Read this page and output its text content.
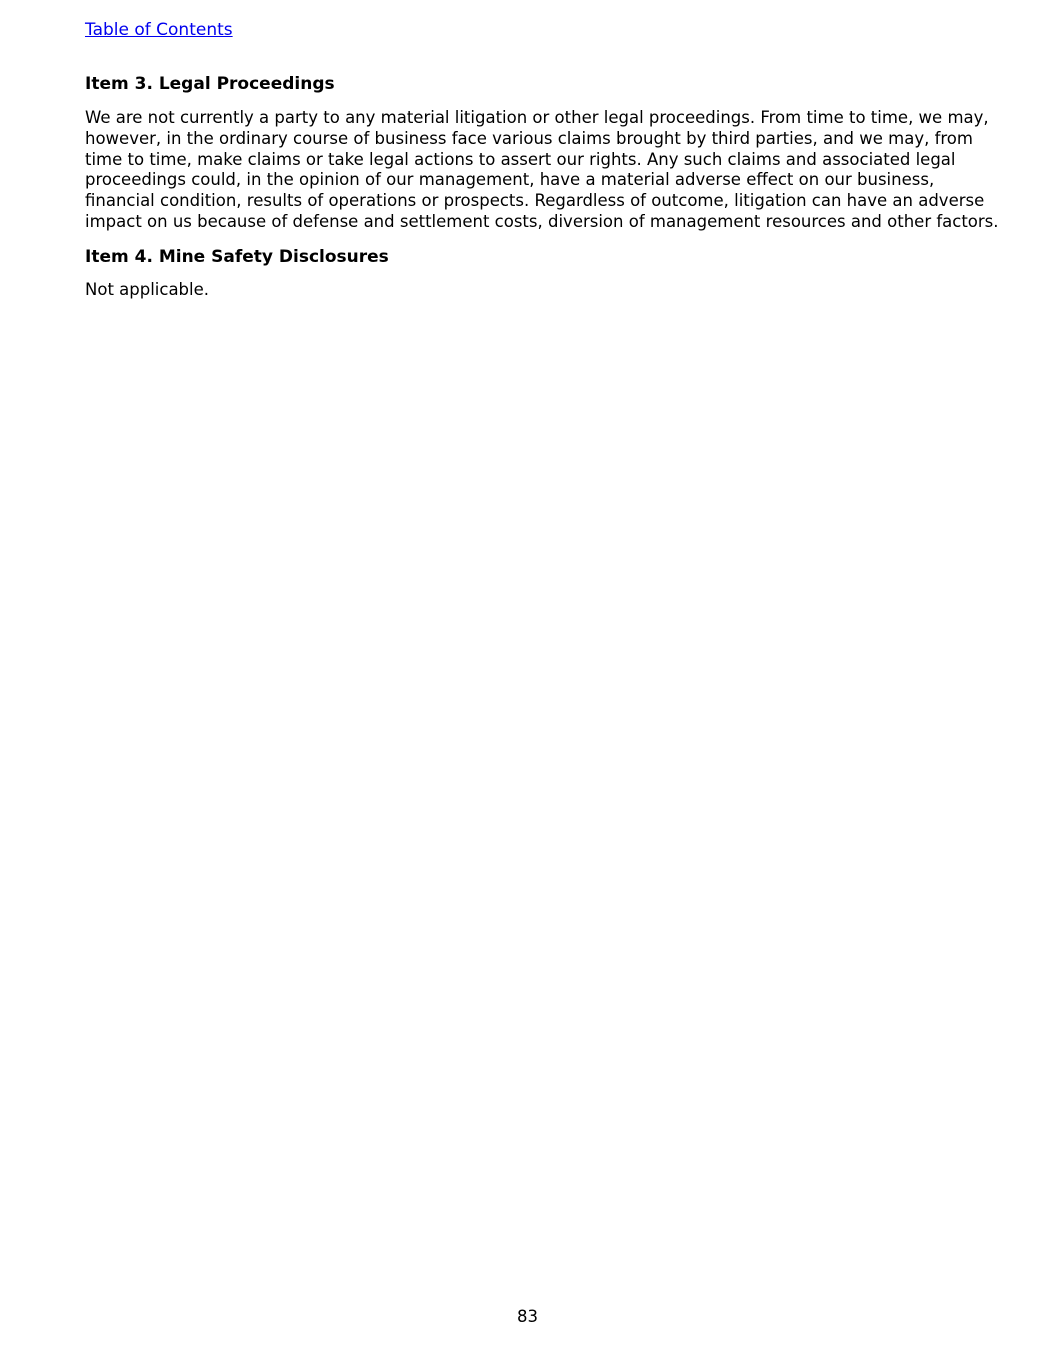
Table of Contents
Item 3. Legal Proceedings
We are not currently a party to any material litigation or other legal proceedings. From time to time, we may,
however, in the ordinary course of business face various claims brought by third parties, and we may, from
time to time, make claims or take legal actions to assert our rights. Any such claims and associated legal
proceedings could, in the opinion of our management, have a material adverse effect on our business,
financial condition, results of operations or prospects. Regardless of outcome, litigation can have an adverse
impact on us because of defense and settlement costs, diversion of management resources and other factors.
Item 4. Mine Safety Disclosures
Not applicable.
83
